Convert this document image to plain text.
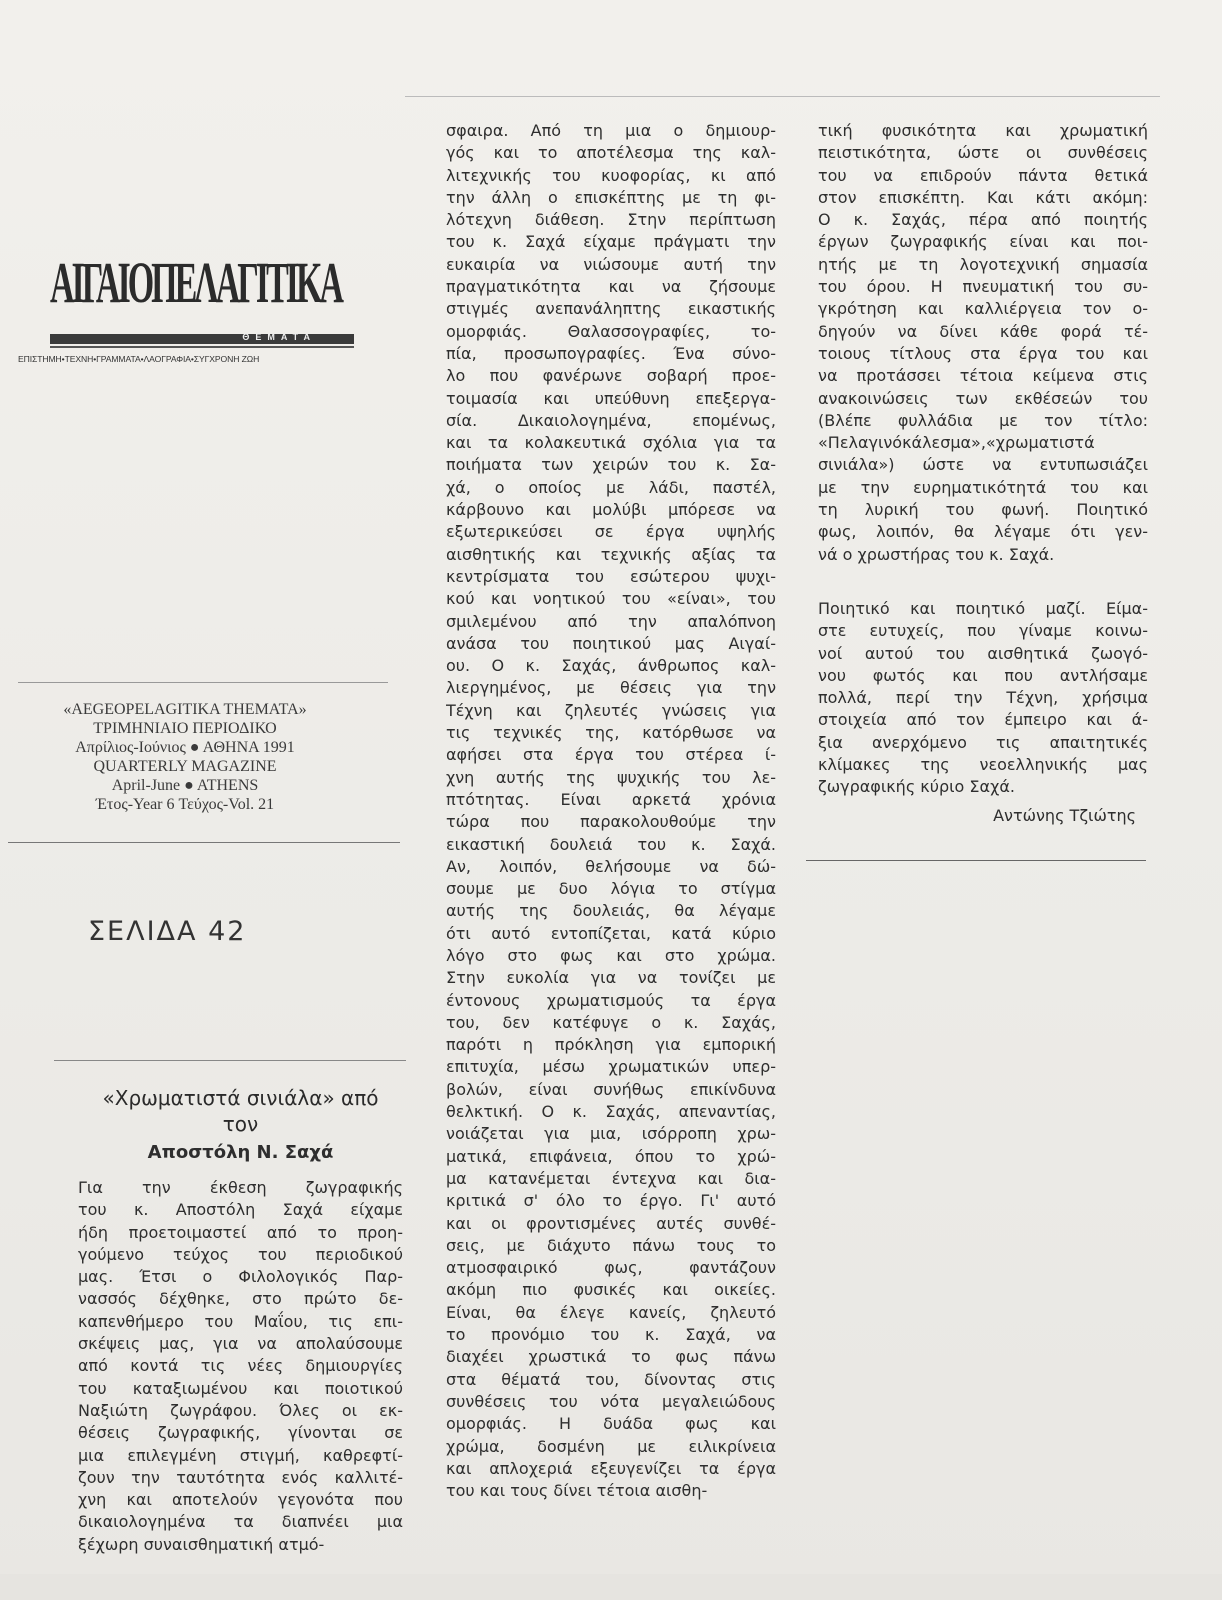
ΑΙΓΑΙΟΠΕΛΑΓΙΤΙΚΑ
ΘΕΜΑΤΑ
ΕΠΙΣΤΗΜΗ•ΤΕΧΝΗ•ΓΡΑΜΜΑΤΑ•ΛΑΟΓΡΑΦΙΑ•ΣΥΓΧΡΟΝΗ ΖΩΗ
«AEGEOPELAGITIKA THEMATA»
ΤΡΙΜΗΝΙΑΙΟ ΠΕΡΙΟΔΙΚΟ
Απρίλιος-Ιούνιος ● ΑΘΗΝΑ 1991
QUARTERLY MAGAZINE
April-June ● ATHENS
Έτος-Year 6 Τεύχος-Vol. 21
ΣΕΛΙΔΑ 42
«Χρωματιστά σινιάλα» από
τον
Αποστόλη Ν. Σαχά
Για την έκθεση ζωγραφικής
του κ. Αποστόλη Σαχά είχαμε
ήδη προετοιμαστεί από το προη-
γούμενο τεύχος του περιοδικού
μας. Έτσι ο Φιλολογικός Παρ-
νασσός δέχθηκε, στο πρώτο δε-
καπενθήμερο του Μαΐου, τις επι-
σκέψεις μας, για να απολαύσουμε
από κοντά τις νέες δημιουργίες
του καταξιωμένου και ποιοτικού
Ναξιώτη ζωγράφου. Όλες οι εκ-
θέσεις ζωγραφικής, γίνονται σε
μια επιλεγμένη στιγμή, καθρεφτί-
ζουν την ταυτότητα ενός καλλιτέ-
χνη και αποτελούν γεγονότα που
δικαιολογημένα τα διαπνέει μια
ξέχωρη συναισθηματική ατμό-
σφαιρα. Από τη μια ο δημιουρ-
γός και το αποτέλεσμα της καλ-
λιτεχνικής του κυοφορίας, κι από
την άλλη ο επισκέπτης με τη φι-
λότεχνη διάθεση. Στην περίπτωση
του κ. Σαχά είχαμε πράγματι την
ευκαιρία να νιώσουμε αυτή την
πραγματικότητα και να ζήσουμε
στιγμές ανεπανάληπτης εικαστικής
ομορφιάς. Θαλασσογραφίες, το-
πία, προσωπογραφίες. Ένα σύνο-
λο που φανέρωνε σοβαρή προε-
τοιμασία και υπεύθυνη επεξεργα-
σία. Δικαιολογημένα, επομένως,
και τα κολακευτικά σχόλια για τα
ποιήματα των χειρών του κ. Σα-
χά, ο οποίος με λάδι, παστέλ,
κάρβουνο και μολύβι μπόρεσε να
εξωτερικεύσει σε έργα υψηλής
αισθητικής και τεχνικής αξίας τα
κεντρίσματα του εσώτερου ψυχι-
κού και νοητικού του «είναι», του
σμιλεμένου από την απαλόπνοη
ανάσα του ποιητικού μας Αιγαί-
ου. Ο κ. Σαχάς, άνθρωπος καλ-
λιεργημένος, με θέσεις για την
Τέχνη και ζηλευτές γνώσεις για
τις τεχνικές της, κατόρθωσε να
αφήσει στα έργα του στέρεα ί-
χνη αυτής της ψυχικής του λε-
πτότητας. Είναι αρκετά χρόνια
τώρα που παρακολουθούμε την
εικαστική δουλειά του κ. Σαχά.
Αν, λοιπόν, θελήσουμε να δώ-
σουμε με δυο λόγια το στίγμα
αυτής της δουλειάς, θα λέγαμε
ότι αυτό εντοπίζεται, κατά κύριο
λόγο στο φως και στο χρώμα.
Στην ευκολία για να τονίζει με
έντονους χρωματισμούς τα έργα
του, δεν κατέφυγε ο κ. Σαχάς,
παρότι η πρόκληση για εμπορική
επιτυχία, μέσω χρωματικών υπερ-
βολών, είναι συνήθως επικίνδυνα
θελκτική. Ο κ. Σαχάς, απεναντίας,
νοιάζεται για μια, ισόρροπη χρω-
ματικά, επιφάνεια, όπου το χρώ-
μα κατανέμεται έντεχνα και δια-
κριτικά σ' όλο το έργο. Γι' αυτό
και οι φροντισμένες αυτές συνθέ-
σεις, με διάχυτο πάνω τους το
ατμοσφαιρικό φως, φαντάζουν
ακόμη πιο φυσικές και οικείες.
Είναι, θα έλεγε κανείς, ζηλευτό
το προνόμιο του κ. Σαχά, να
διαχέει χρωστικά το φως πάνω
στα θέματά του, δίνοντας στις
συνθέσεις του νότα μεγαλειώδους
ομορφιάς. Η δυάδα φως και
χρώμα, δοσμένη με ειλικρίνεια
και απλοχεριά εξευγενίζει τα έργα
του και τους δίνει τέτοια αισθη-
τική φυσικότητα και χρωματική
πειστικότητα, ώστε οι συνθέσεις
του να επιδρούν πάντα θετικά
στον επισκέπτη. Και κάτι ακόμη:
Ο κ. Σαχάς, πέρα από ποιητής
έργων ζωγραφικής είναι και ποι-
ητής με τη λογοτεχνική σημασία
του όρου. Η πνευματική του συ-
γκρότηση και καλλιέργεια τον ο-
δηγούν να δίνει κάθε φορά τέ-
τοιους τίτλους στα έργα του και
να προτάσσει τέτοια κείμενα στις
ανακοινώσεις των εκθέσεών του
(Βλέπε φυλλάδια με τον τίτλο:
«Πελαγινόκάλεσμα»,«χρωματιστά
σινιάλα») ώστε να εντυπωσιάζει
με την ευρηματικότητά του και
τη λυρική του φωνή. Ποιητικό
φως, λοιπόν, θα λέγαμε ότι γεν-
νά ο χρωστήρας του κ. Σαχά.
Ποιητικό και ποιητικό μαζί. Είμα-
στε ευτυχείς, που γίναμε κοινω-
νοί αυτού του αισθητικά ζωογό-
νου φωτός και που αντλήσαμε
πολλά, περί την Τέχνη, χρήσιμα
στοιχεία από τον έμπειρο και ά-
ξια ανερχόμενο τις απαιτητικές
κλίμακες της νεοελληνικής μας
ζωγραφικής κύριο Σαχά.
Αντώνης Τζιώτης
